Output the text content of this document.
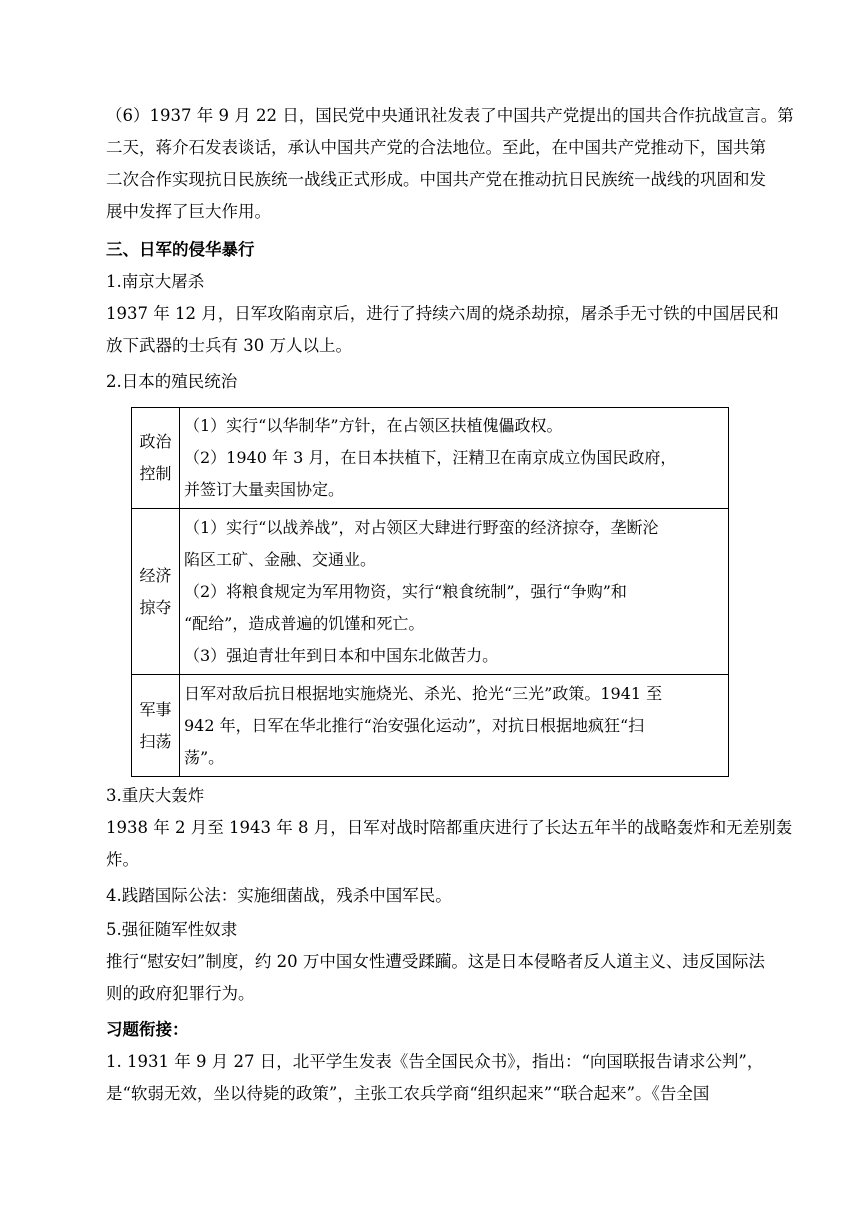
（6）1937 年 9 月 22 日，国民党中央通讯社发表了中国共产党提出的国共合作抗战宣言。第
二天，蒋介石发表谈话，承认中国共产党的合法地位。至此，在中国共产党推动下，国共第
二次合作实现抗日民族统一战线正式形成。中国共产党在推动抗日民族统一战线的巩固和发
展中发挥了巨大作用。
三、日军的侵华暴行
1.南京大屠杀
1937 年 12 月，日军攻陷南京后，进行了持续六周的烧杀劫掠，屠杀手无寸铁的中国居民和
放下武器的士兵有 30 万人以上。
2.日本的殖民统治
政治
控制	（1）实行“以华制华”方针，在占领区扶植傀儡政权。
（2）1940 年 3 月，在日本扶植下，汪精卫在南京成立伪国民政府，
并签订大量卖国协定。

经济
掠夺	（1）实行“以战养战”，对占领区大肆进行野蛮的经济掠夺，垄断沦
陷区工矿、金融、交通业。
（2）将粮食规定为军用物资，实行“粮食统制”，强行“争购”和
“配给”，造成普遍的饥馑和死亡。
（3）强迫青壮年到日本和中国东北做苦力。

军事
扫荡	日军对敌后抗日根据地实施烧光、杀光、抢光“三光”政策。1941 至
942 年，日军在华北推行“治安强化运动”，对抗日根据地疯狂“扫
荡”。
3.重庆大轰炸
1938 年 2 月至 1943 年 8 月，日军对战时陪都重庆进行了长达五年半的战略轰炸和无差别轰
炸。
4.践踏国际公法：实施细菌战，残杀中国军民。
5.强征随军性奴隶
推行“慰安妇”制度，约 20 万中国女性遭受蹂躏。这是日本侵略者反人道主义、违反国际法
则的政府犯罪行为。
习题衔接：
1. 1931 年 9 月 27 日，北平学生发表《告全国民众书》，指出：“向国联报告请求公判”，
是“软弱无效，坐以待毙的政策”，主张工农兵学商“组织起来”“联合起来”。《告全国
